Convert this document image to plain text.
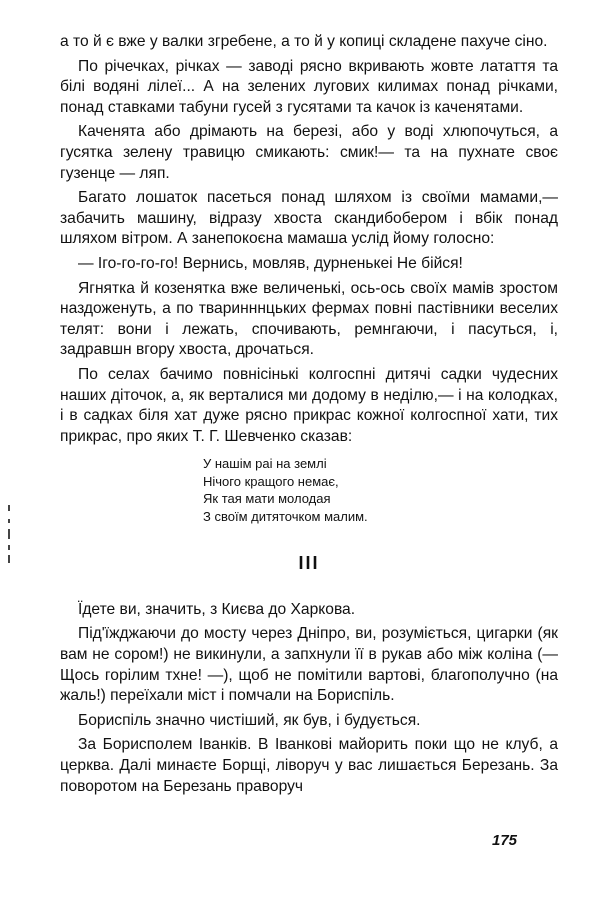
а то й є вже у валки згребене, а то й у копиці складене пахуче сіно.

По річечках, річках — заводі рясно вкривають жовте латаття та білі водяні лілеї... А на зелених лугових килимах понад річками, понад ставками табуни гусей з гусятами та качок із каченятами.

Каченята або дрімають на березі, або у воді хлюпочуться, а гусятка зелену травицю смикають: смик!— та на пухнате своє гузенце — ляп.

Багато лошаток пасеться понад шляхом із своїми мамами,— забачить машину, відразу хвоста скандибобером і вбік понад шляхом вітром. А занепокоєна мамаша услід йому голосно:

— Іго-го-го-го! Вернись, мовляв, дурненькеі Не бійся!

Ягнятка й козенятка вже величенькі, ось-ось своїх мамів зростом наздоженуть, а по тваринннцьких фермах повні пастівники веселих телят: вони і лежать, спочивають, ремнгаючи, і пасуться, і, задравшн вгору хвоста, дрочаться.

По селах бачимо повнісінькі колгоспні дитячі садки чудесних наших діточок, а, як верталися ми додому в неділю,— і на колодках, і в садках біля хат дуже рясно прикрас кожної колгоспної хати, тих прикрас, про яких Т. Г. Шевченко сказав:

У нашім раі на землі
Нічого кращого немає,
Як тая мати молодая
З своїм дитяточком малим.
III

Їдете ви, значить, з Києва до Харкова.

Під'їжджаючи до мосту через Дніпро, ви, розуміється, цигарки (як вам не сором!) не викинули, а запхнули її в рукав або між коліна (— Щось горілим тхне! —), щоб не помітили вартові, благополучно (на жаль!) переїхали міст і помчали на Бориспіль.

Бориспіль значно чистіший, як був, і будується.

За Бориспoлем Іванків. В Іванкові майорить поки що не клуб, а церква. Далі минаєте Борщі, ліворуч у вас лишається Березань. За поворотом на Березань праворуч

175
